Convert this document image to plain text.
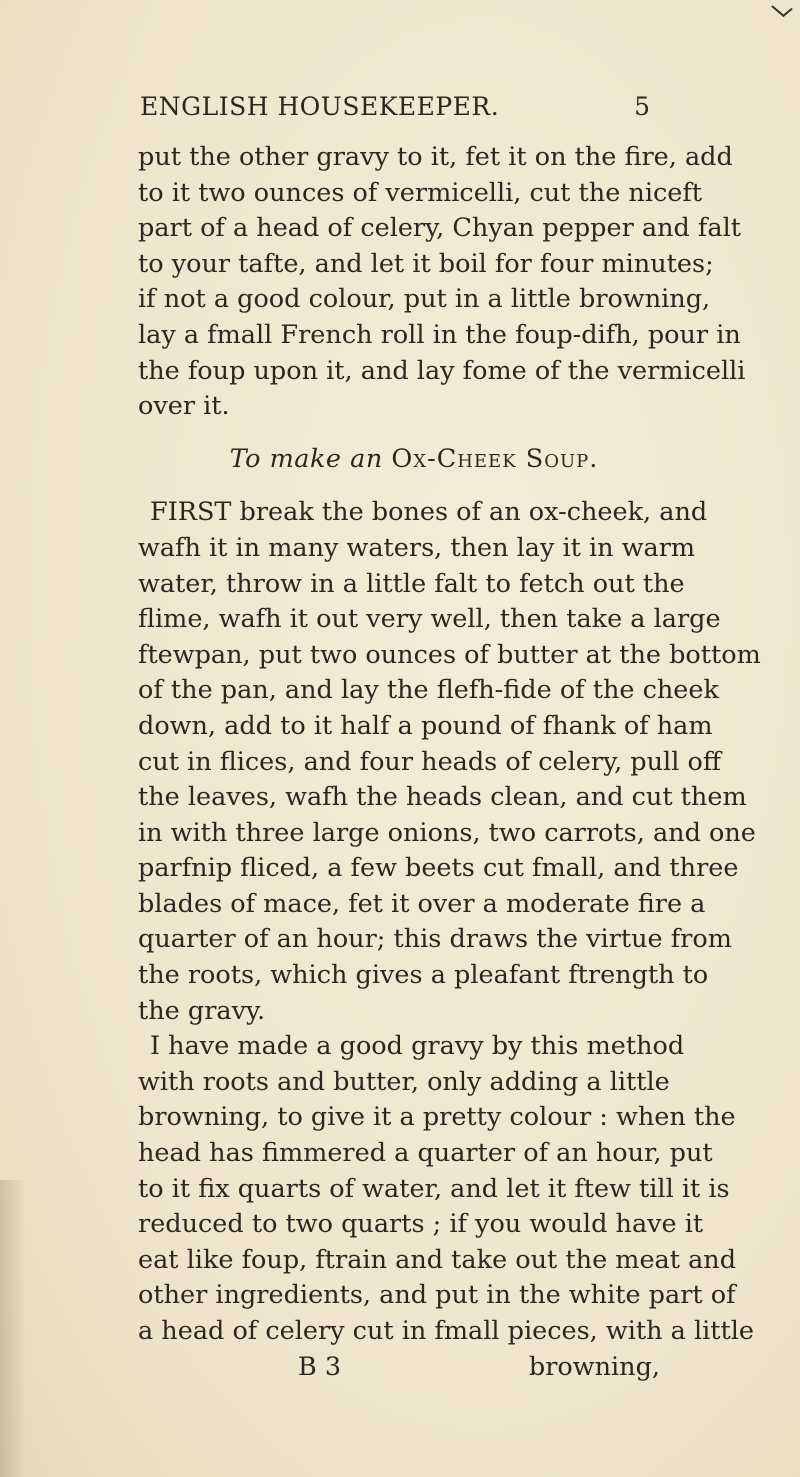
ENGLISH HOUSEKEEPER.	5
put the other gravy to it, fet it on the fire, add
to it two ounces of vermicelli, cut the niceft
part of a head of celery, Chyan pepper and falt
to your tafte, and let it boil for four minutes;
if not a good colour, put in a little browning,
lay a fmall French roll in the foup-difh, pour in
the foup upon it, and lay fome of the vermicelli
over it.
To make an Ox-Cheek Soup.
FIRST break the bones of an ox-cheek, and
wafh it in many waters, then lay it in warm
water, throw in a little falt to fetch out the
flime, wafh it out very well, then take a large
ftewpan, put two ounces of butter at the bottom
of the pan, and lay the flefh-fide of the cheek
down, add to it half a pound of fhank of ham
cut in flices, and four heads of celery, pull off
the leaves, wafh the heads clean, and cut them
in with three large onions, two carrots, and one
parfnip fliced, a few beets cut fmall, and three
blades of mace, fet it over a moderate fire a
quarter of an hour; this draws the virtue from
the roots, which gives a pleafant ftrength to
the gravy.
I have made a good gravy by this method
with roots and butter, only adding a little
browning, to give it a pretty colour : when the
head has fimmered a quarter of an hour, put
to it fix quarts of water, and let it ftew till it is
reduced to two quarts ; if you would have it
eat like foup, ftrain and take out the meat and
other ingredients, and put in the white part of
a head of celery cut in fmall pieces, with a little
B 3	browning,
